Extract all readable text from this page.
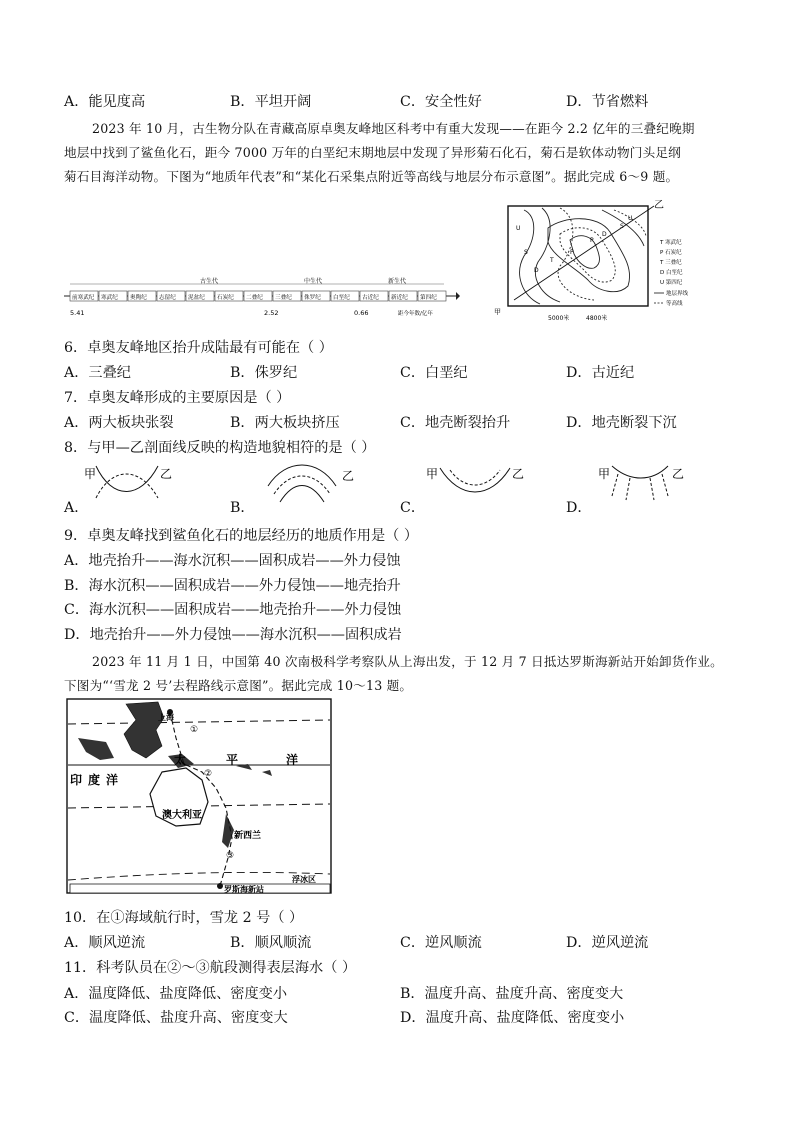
A．能见度高	B．平坦开阔	C．安全性好	D．节省燃料
2023 年 10 月，古生物分队在青藏高原卓奥友峰地区科考中有重大发现——在距今 2.2 亿年的三叠纪晚期
地层中找到了鲨鱼化石，距今 7000 万年的白垩纪末期地层中发现了异形菊石化石，菊石是软体动物门头足纲
菊石目海洋动物。下图为“地质年代表”和“某化石采集点附近等高线与地层分布示意图”。据此完成 6～9 题。
古生代	中生代	新生代
前寒武纪 寒武纪 奥陶纪 志留纪 泥盆纪 石炭纪 二叠纪 三叠纪 侏罗纪 白垩纪 古近纪 新近纪 第四纪
5.41	2.52	0.66	距今年数/亿年
U
S
D
T
P
P
D
S
U
乙
甲
5000米	4800米
T 寒武纪
P 石炭纪
T 三叠纪
D 白垩纪
U 第四纪
地层界线
等高线
6．卓奥友峰地区抬升成陆最有可能在（ ）
A．三叠纪	B．侏罗纪	C．白垩纪	D．古近纪
7．卓奥友峰形成的主要原因是（ ）
A．两大板块张裂	B．两大板块挤压	C．地壳断裂抬升	D．地壳断裂下沉
8．与甲—乙剖面线反映的构造地貌相符的是（ ）
A．	B．	C．	D．
甲	乙	乙	甲	乙	甲	乙
9．卓奥友峰找到鲨鱼化石的地层经历的地质作用是（ ）
A．地壳抬升——海水沉积——固积成岩——外力侵蚀
B．海水沉积——固积成岩——外力侵蚀——地壳抬升
C．海水沉积——固积成岩——地壳抬升——外力侵蚀
D．地壳抬升——外力侵蚀——海水沉积——固积成岩
2023 年 11 月 1 日，中国第 40 次南极科学考察队从上海出发，于 12 月 7 日抵达罗斯海新站开始卸货作业。
下图为“‘雪龙 2 号’去程路线示意图”。据此完成 10～13 题。
上海
①
②
③
太	平	洋
印 度 洋
澳大利亚
新西兰
罗斯海新站
浮冰区
10．在①海域航行时，雪龙 2 号（ ）
A．顺风逆流	B．顺风顺流	C．逆风顺流	D．逆风逆流
11．科考队员在②～③航段测得表层海水（ ）
A．温度降低、盐度降低、密度变小	B．温度升高、盐度升高、密度变大
C．温度降低、盐度升高、密度变大	D．温度升高、盐度降低、密度变小
